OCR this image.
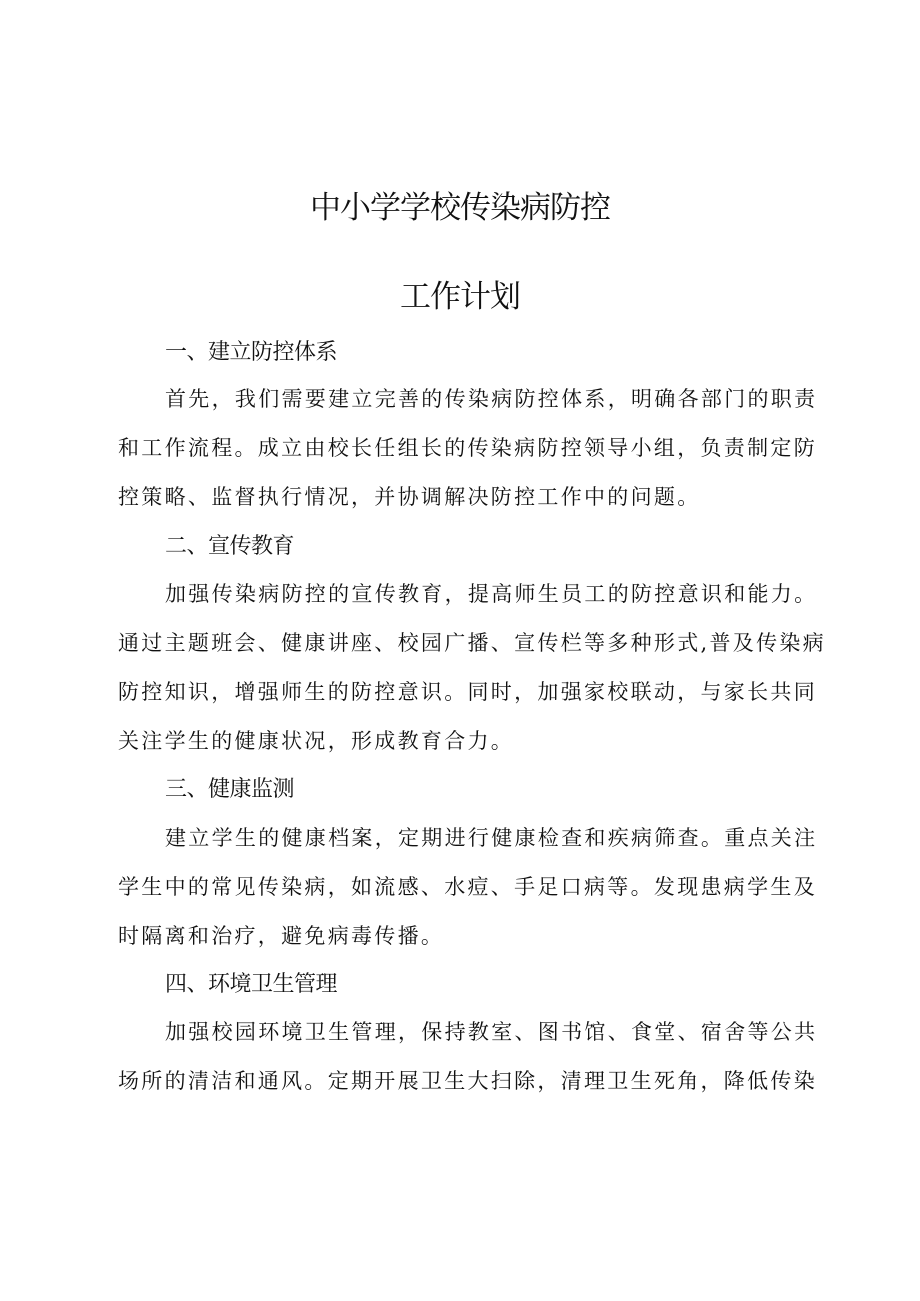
中小学学校传染病防控
工作计划
一、建立防控体系
首先，我们需要建立完善的传染病防控体系，明确各部门的职责
和工作流程。成立由校长任组长的传染病防控领导小组，负责制定防
控策略、监督执行情况，并协调解决防控工作中的问题。
二、宣传教育
加强传染病防控的宣传教育，提高师生员工的防控意识和能力。
通过主题班会、健康讲座、校园广播、宣传栏等多种形式,普及传染病
防控知识，增强师生的防控意识。同时，加强家校联动，与家长共同
关注学生的健康状况，形成教育合力。
三、健康监测
建立学生的健康档案，定期进行健康检查和疾病筛查。重点关注
学生中的常见传染病，如流感、水痘、手足口病等。发现患病学生及
时隔离和治疗，避免病毒传播。
四、环境卫生管理
加强校园环境卫生管理，保持教室、图书馆、食堂、宿舍等公共
场所的清洁和通风。定期开展卫生大扫除，清理卫生死角，降低传染
